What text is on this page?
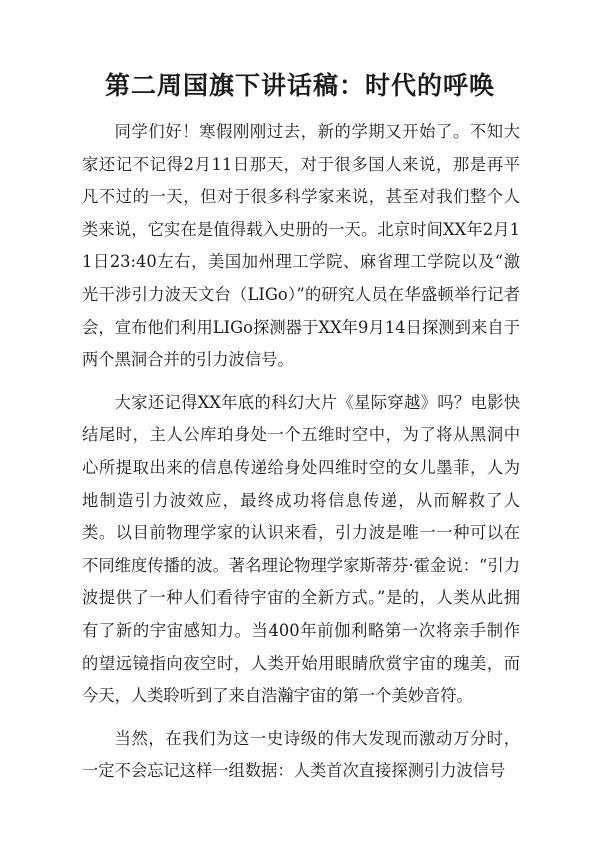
第二周国旗下讲话稿：时代的呼唤

同学们好！寒假刚刚过去，新的学期又开始了。不知大家还记不记得2月11日那天，对于很多国人来说，那是再平凡不过的一天，但对于很多科学家来说，甚至对我们整个人类来说，它实在是值得载入史册的一天。北京时间XX年2月11日23:40左右，美国加州理工学院、麻省理工学院以及“激光干涉引力波天文台（LIGo）”的研究人员在华盛顿举行记者会，宣布他们利用LIGo探测器于XX年9月14日探测到来自于两个黑洞合并的引力波信号。

大家还记得XX年底的科幻大片《星际穿越》吗？电影快结尾时，主人公库珀身处一个五维时空中，为了将从黑洞中心所提取出来的信息传递给身处四维时空的女儿墨菲，人为地制造引力波效应，最终成功将信息传递，从而解救了人类。以目前物理学家的认识来看，引力波是唯一一种可以在不同维度传播的波。著名理论物理学家斯蒂芬·霍金说：“引力波提供了一种人们看待宇宙的全新方式。”是的，人类从此拥有了新的宇宙感知力。当400年前伽利略第一次将亲手制作的望远镜指向夜空时，人类开始用眼睛欣赏宇宙的瑰美，而今天，人类聆听到了来自浩瀚宇宙的第一个美妙音符。

当然，在我们为这一史诗级的伟大发现而激动万分时，一定不会忘记这样一组数据：人类首次直接探测引力波信号
